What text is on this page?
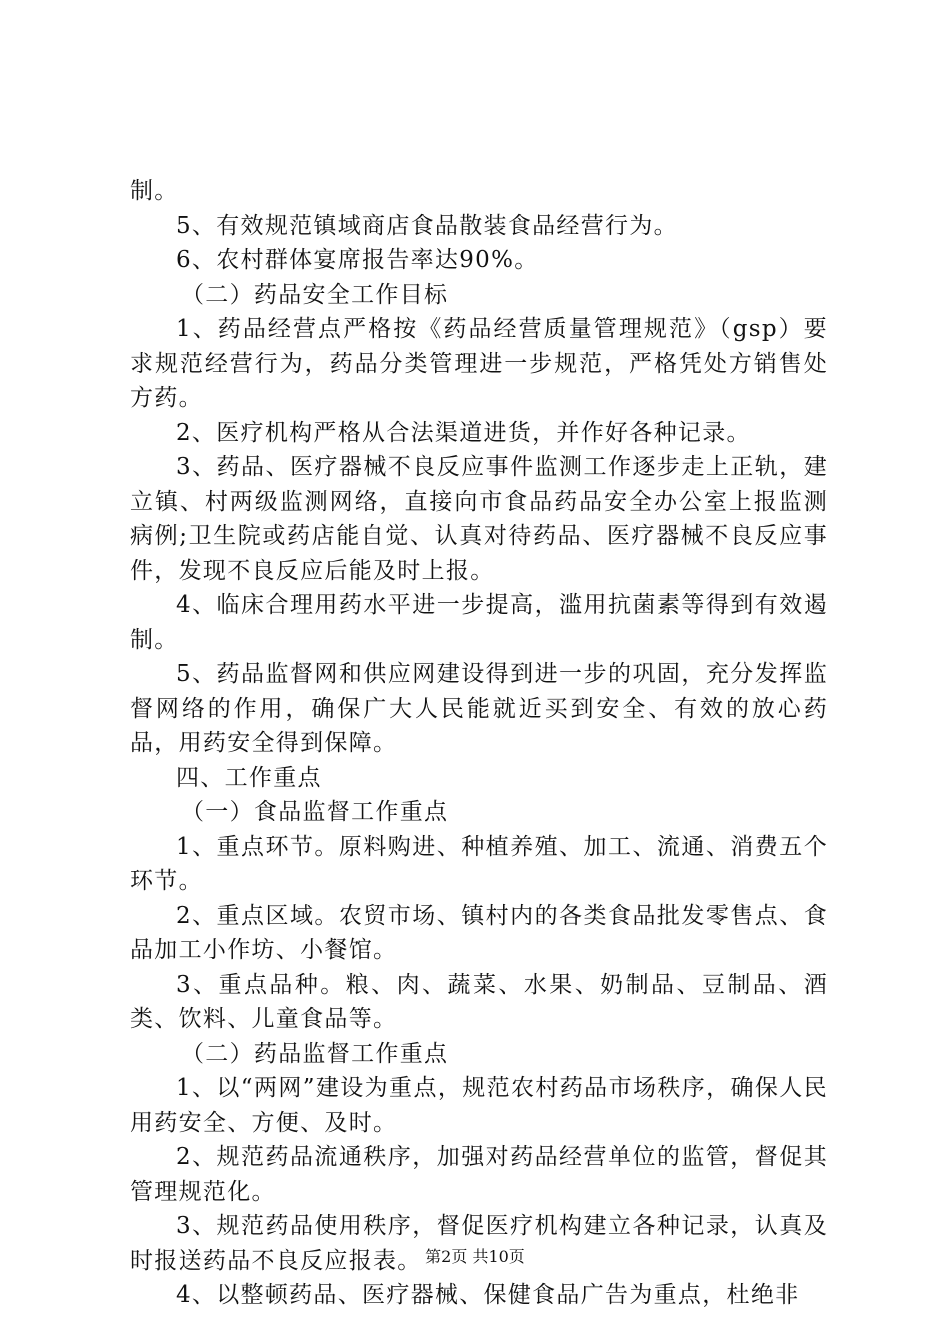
制。

5、有效规范镇域商店食品散装食品经营行为。

6、农村群体宴席报告率达90%。

（二）药品安全工作目标

1、药品经营点严格按《药品经营质量管理规范》（gsp）要求规范经营行为，药品分类管理进一步规范，严格凭处方销售处方药。

2、医疗机构严格从合法渠道进货，并作好各种记录。

3、药品、医疗器械不良反应事件监测工作逐步走上正轨，建立镇、村两级监测网络，直接向市食品药品安全办公室上报监测病例;卫生院或药店能自觉、认真对待药品、医疗器械不良反应事件，发现不良反应后能及时上报。

4、临床合理用药水平进一步提高，滥用抗菌素等得到有效遏制。

5、药品监督网和供应网建设得到进一步的巩固，充分发挥监督网络的作用，确保广大人民能就近买到安全、有效的放心药品，用药安全得到保障。

四、工作重点

（一）食品监督工作重点

1、重点环节。原料购进、种植养殖、加工、流通、消费五个环节。

2、重点区域。农贸市场、镇村内的各类食品批发零售点、食品加工小作坊、小餐馆。

3、重点品种。粮、肉、蔬菜、水果、奶制品、豆制品、酒类、饮料、儿童食品等。

（二）药品监督工作重点

1、以“两网”建设为重点，规范农村药品市场秩序，确保人民用药安全、方便、及时。

2、规范药品流通秩序，加强对药品经营单位的监管，督促其管理规范化。

3、规范药品使用秩序，督促医疗机构建立各种记录，认真及时报送药品不良反应报表。

4、以整顿药品、医疗器械、保健食品广告为重点，杜绝非

第2页 共10页
